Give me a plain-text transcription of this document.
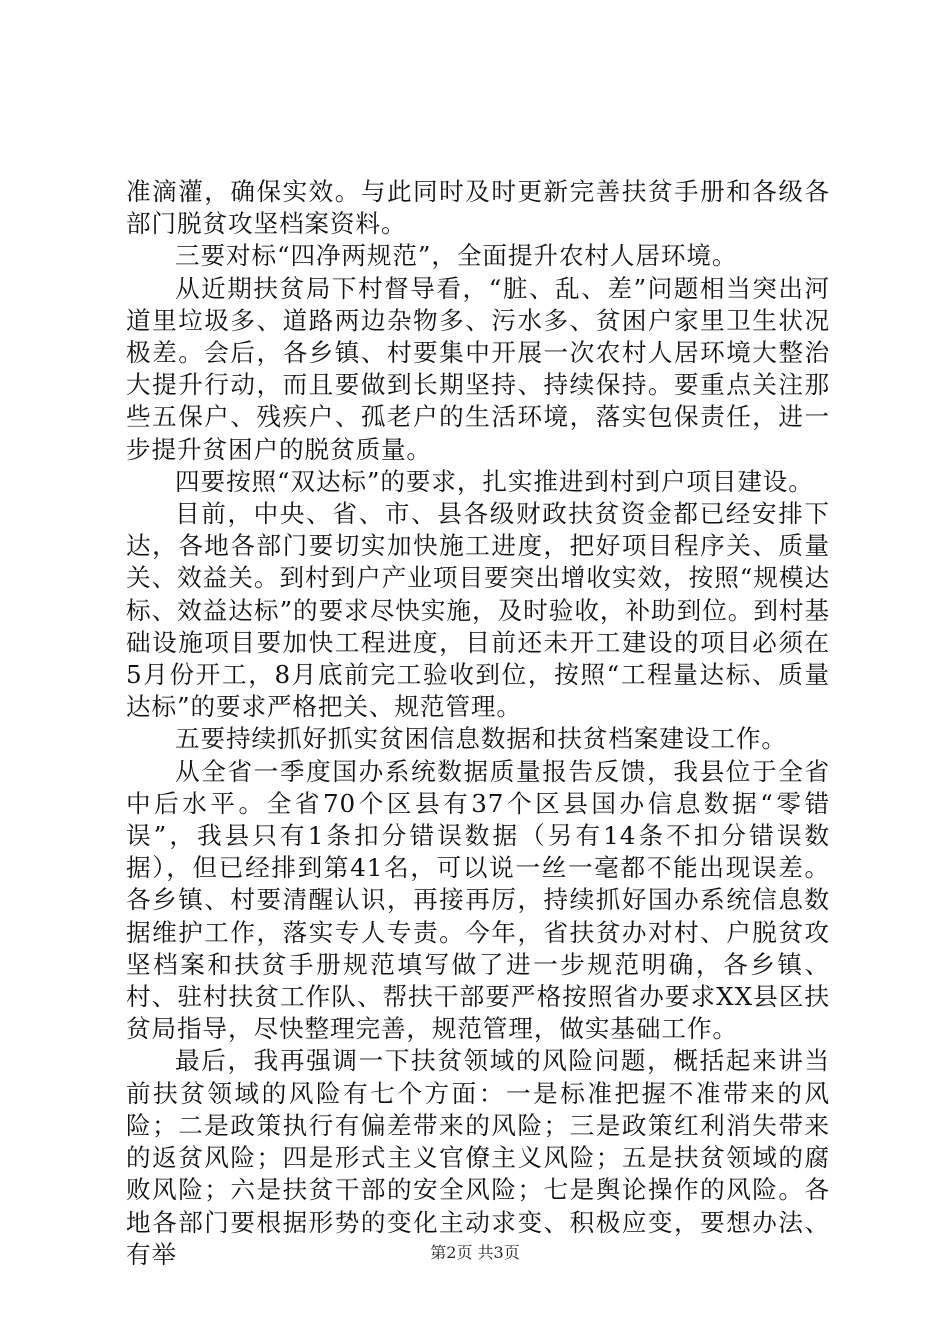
准滴灌，确保实效。与此同时及时更新完善扶贫手册和各级各部门脱贫攻坚档案资料。

三要对标“四净两规范”，全面提升农村人居环境。

从近期扶贫局下村督导看，“脏、乱、差”问题相当突出河道里垃圾多、道路两边杂物多、污水多、贫困户家里卫生状况极差。会后，各乡镇、村要集中开展一次农村人居环境大整治大提升行动，而且要做到长期坚持、持续保持。要重点关注那些五保户、残疾户、孤老户的生活环境，落实包保责任，进一步提升贫困户的脱贫质量。

四要按照“双达标”的要求，扎实推进到村到户项目建设。

目前，中央、省、市、县各级财政扶贫资金都已经安排下达，各地各部门要切实加快施工进度，把好项目程序关、质量关、效益关。到村到户产业项目要突出增收实效，按照“规模达标、效益达标”的要求尽快实施，及时验收，补助到位。到村基础设施项目要加快工程进度，目前还未开工建设的项目必须在5月份开工，8月底前完工验收到位，按照“工程量达标、质量达标”的要求严格把关、规范管理。

五要持续抓好抓实贫困信息数据和扶贫档案建设工作。

从全省一季度国办系统数据质量报告反馈，我县位于全省中后水平。全省70个区县有37个区县国办信息数据“零错误”，我县只有1条扣分错误数据（另有14条不扣分错误数据），但已经排到第41名，可以说一丝一毫都不能出现误差。各乡镇、村要清醒认识，再接再厉，持续抓好国办系统信息数据维护工作，落实专人专责。今年，省扶贫办对村、户脱贫攻坚档案和扶贫手册规范填写做了进一步规范明确，各乡镇、村、驻村扶贫工作队、帮扶干部要严格按照省办要求XX县区扶贫局指导，尽快整理完善，规范管理，做实基础工作。

最后，我再强调一下扶贫领域的风险问题，概括起来讲当前扶贫领域的风险有七个方面：一是标准把握不准带来的风险；二是政策执行有偏差带来的风险；三是政策红利消失带来的返贫风险；四是形式主义官僚主义风险；五是扶贫领域的腐败风险；六是扶贫干部的安全风险；七是舆论操作的风险。各地各部门要根据形势的变化主动求变、积极应变，要想办法、有举	第2页 共3页
